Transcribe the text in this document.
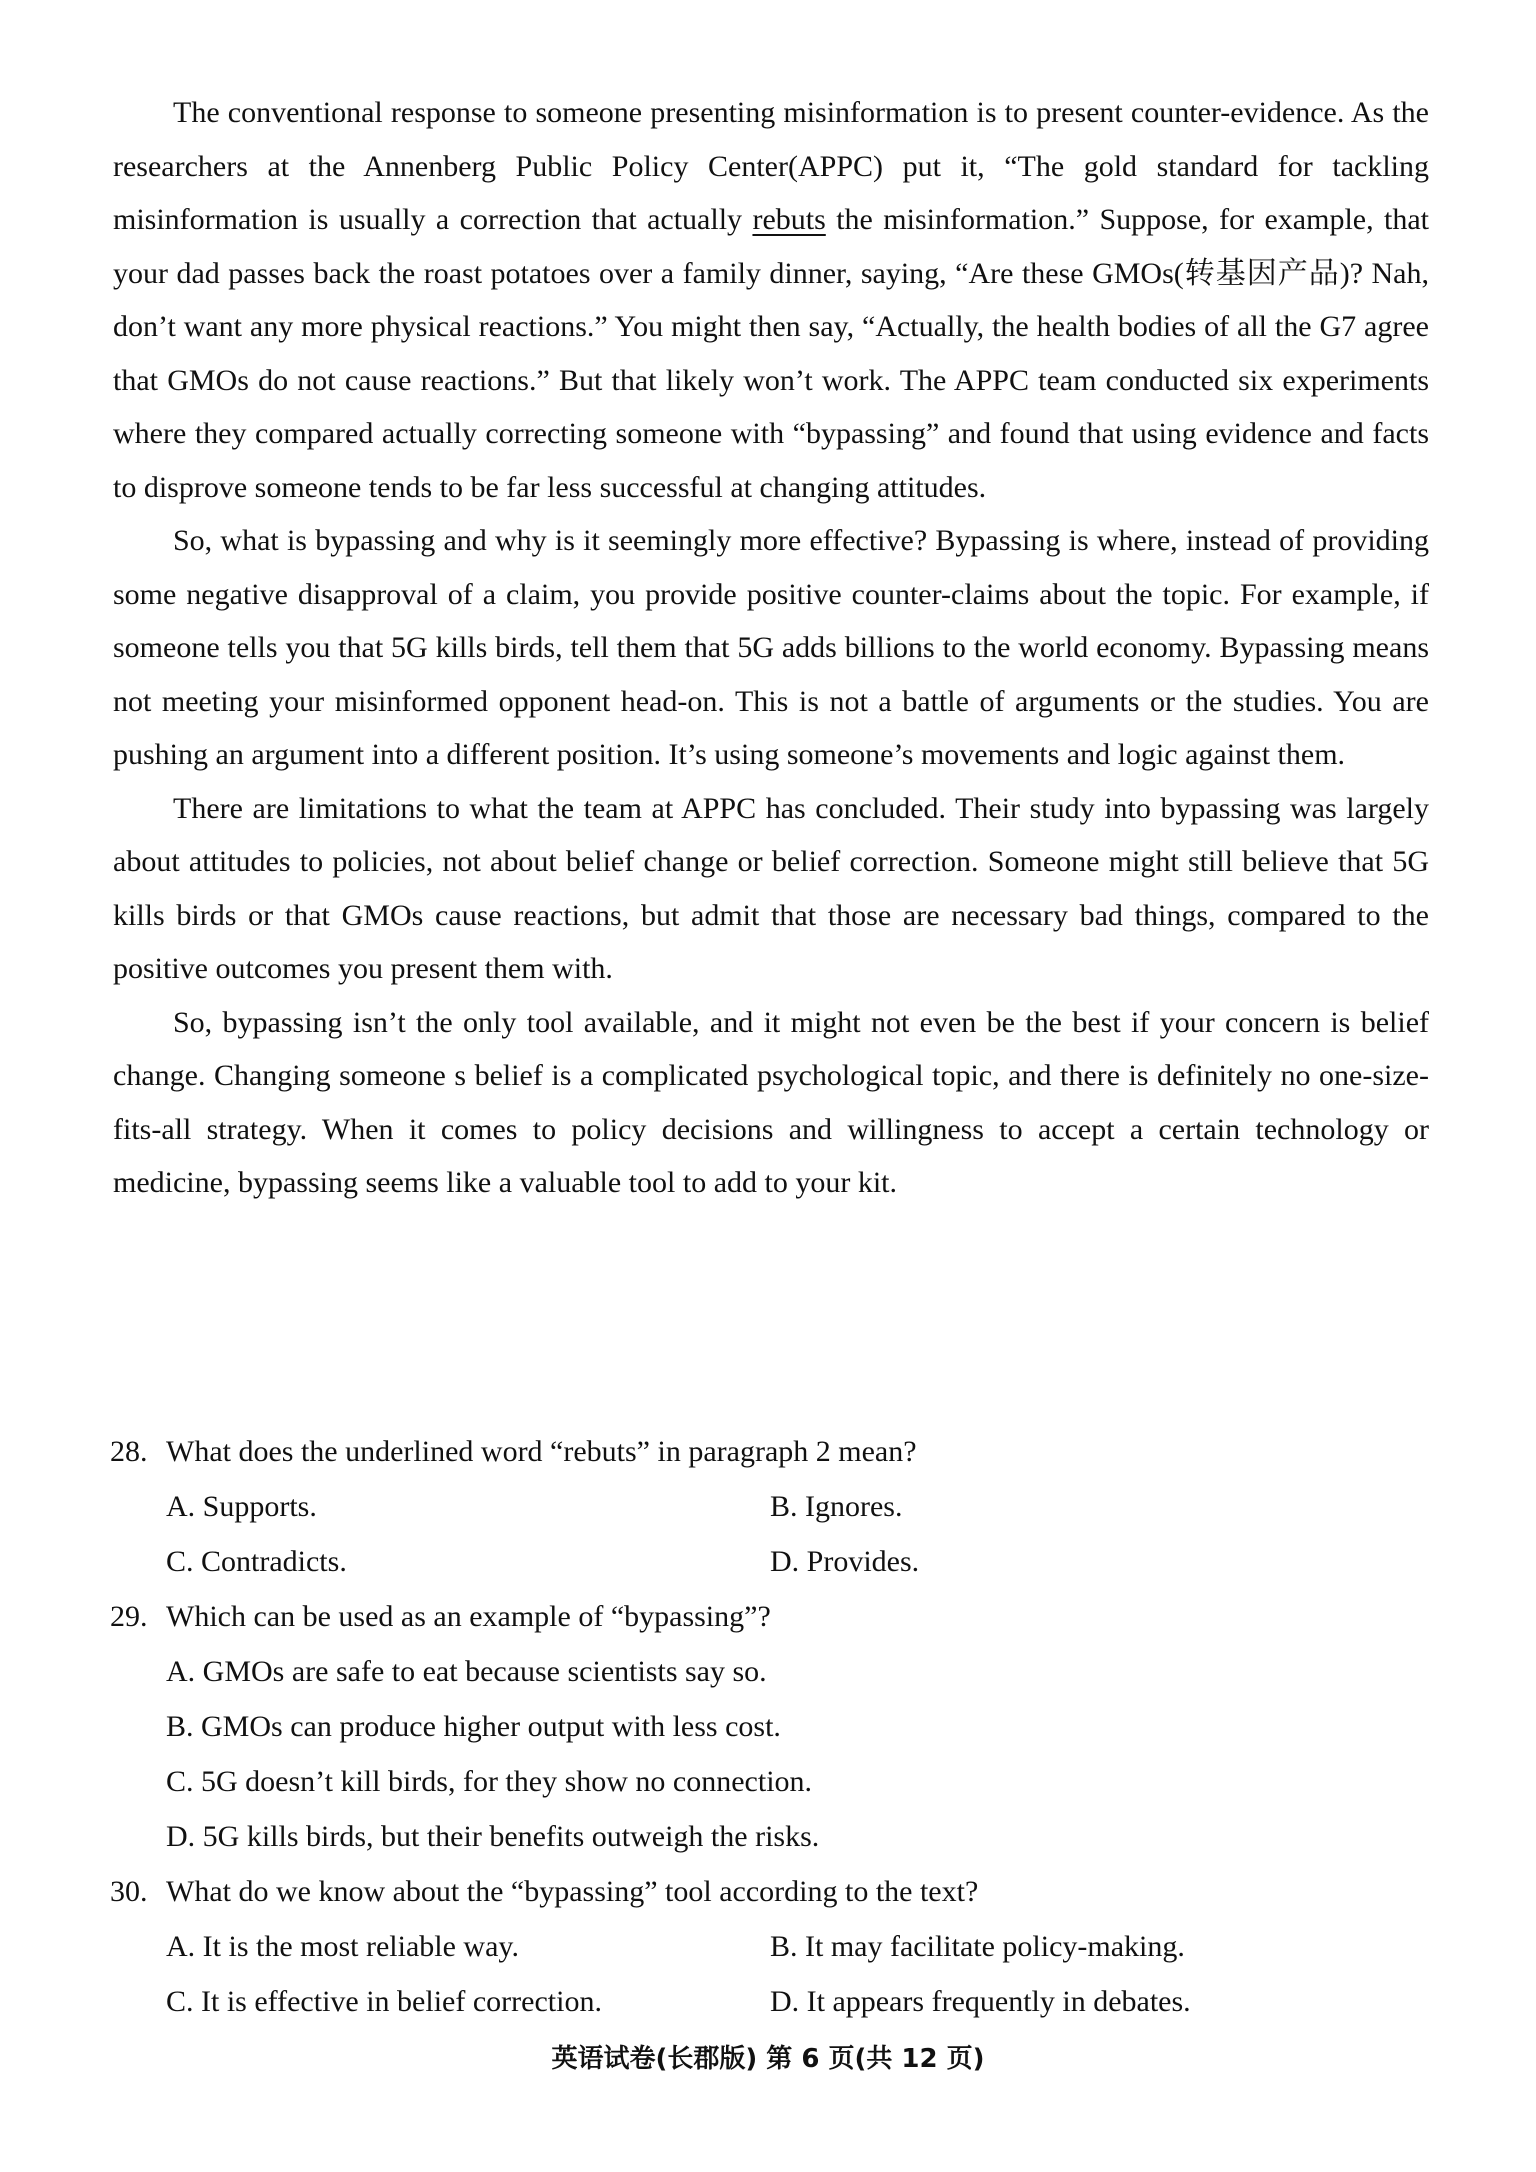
The conventional response to someone presenting misinformation is to present counter-evidence. As the researchers at the Annenberg Public Policy Center(APPC) put it, “The gold standard for tackling misinformation is usually a correction that actually rebuts the misinformation.” Suppose, for example, that your dad passes back the roast potatoes over a family dinner, saying, “Are these GMOs(转基因产品)? Nah, don’t want any more physical reactions.” You might then say, “Actually, the health bodies of all the G7 agree that GMOs do not cause reactions.” But that likely won’t work. The APPC team conducted six experiments where they compared actually correcting someone with “bypassing” and found that using evidence and facts to disprove someone tends to be far less successful at changing attitudes.

So, what is bypassing and why is it seemingly more effective? Bypassing is where, instead of providing some negative disapproval of a claim, you provide positive counter-claims about the topic. For example, if someone tells you that 5G kills birds, tell them that 5G adds billions to the world economy. Bypassing means not meeting your misinformed opponent head-on. This is not a battle of arguments or the studies. You are pushing an argument into a different position. It’s using someone’s movements and logic against them.

There are limitations to what the team at APPC has concluded. Their study into bypassing was largely about attitudes to policies, not about belief change or belief correction. Someone might still believe that 5G kills birds or that GMOs cause reactions, but admit that those are necessary bad things, compared to the positive outcomes you present them with.

So, bypassing isn’t the only tool available, and it might not even be the best if your concern is belief change. Changing someone s belief is a complicated psychological topic, and there is definitely no one-size-fits-all strategy. When it comes to policy decisions and willingness to accept a certain technology or medicine, bypassing seems like a valuable tool to add to your kit.

28. What does the underlined word “rebuts” in paragraph 2 mean?
A. Supports.	B. Ignores.
C. Contradicts.	D. Provides.
29. Which can be used as an example of “bypassing”?
A. GMOs are safe to eat because scientists say so.
B. GMOs can produce higher output with less cost.
C. 5G doesn’t kill birds, for they show no connection.
D. 5G kills birds, but their benefits outweigh the risks.
30. What do we know about the “bypassing” tool according to the text?
A. It is the most reliable way.	B. It may facilitate policy-making.
C. It is effective in belief correction.	D. It appears frequently in debates.
英语试卷(长郡版) 第 6 页(共 12 页)
